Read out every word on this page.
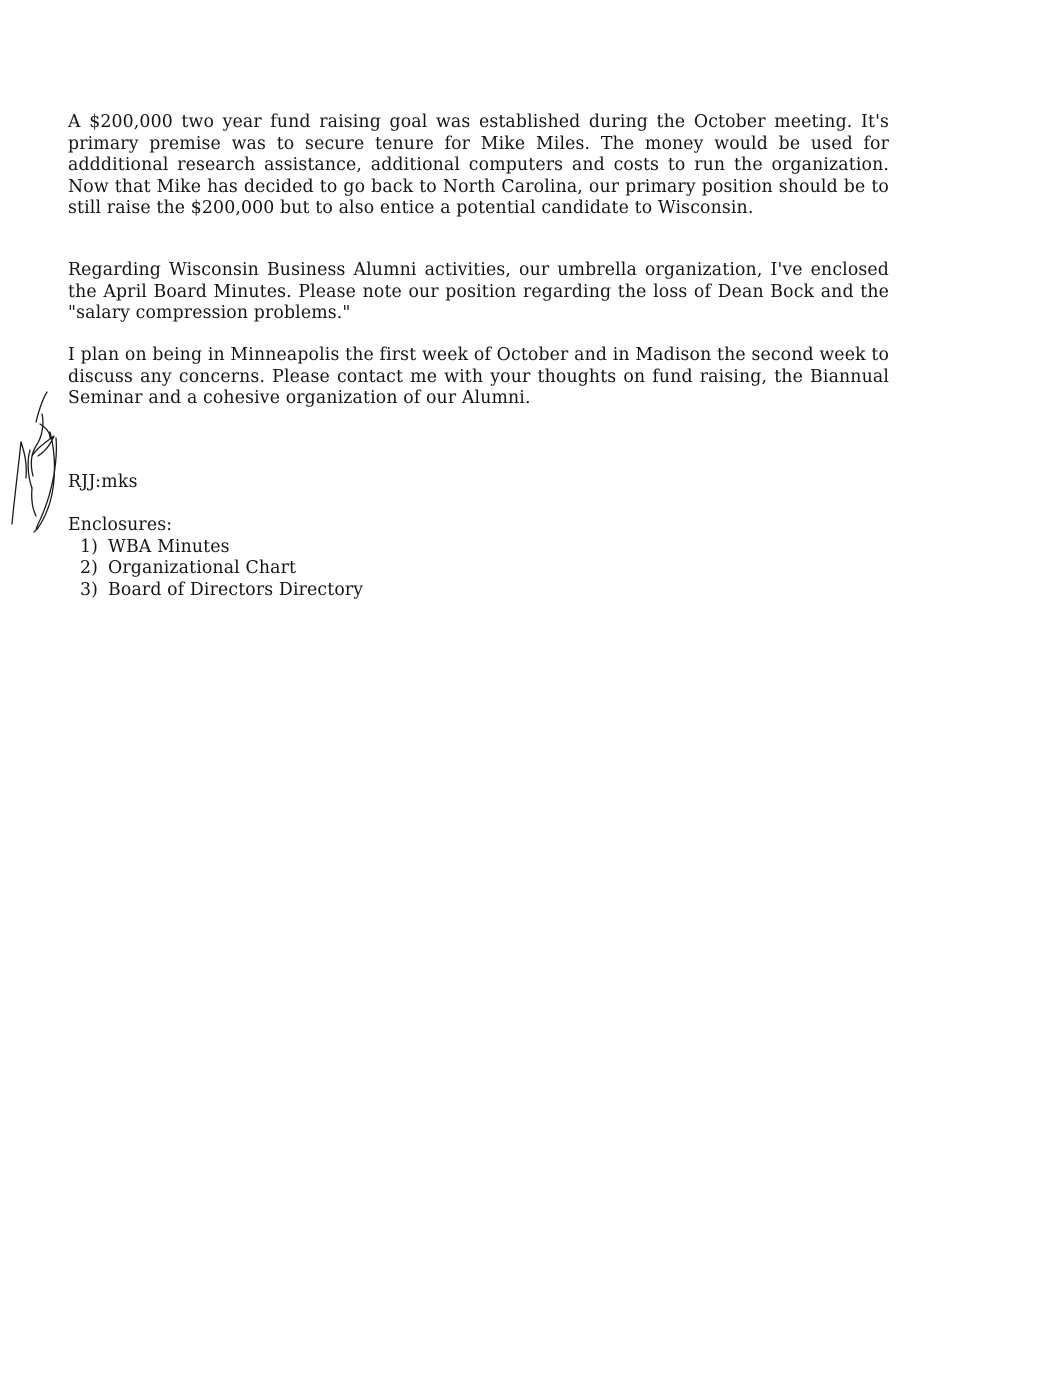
A $200,000 two year fund raising goal was established during the October meeting. It's primary premise was to secure tenure for Mike Miles. The money would be used for addditional research assistance, additional computers and costs to run the organization. Now that Mike has decided to go back to North Carolina, our primary position should be to still raise the $200,000 but to also entice a potential candidate to Wisconsin.

Regarding Wisconsin Business Alumni activities, our umbrella organization, I've enclosed the April Board Minutes. Please note our position regarding the loss of Dean Bock and the "salary compression problems."

I plan on being in Minneapolis the first week of October and in Madison the second week to discuss any concerns. Please contact me with your thoughts on fund raising, the Biannual Seminar and a cohesive organization of our Alumni.

RJJ:mks
Enclosures:
1) WBA Minutes
2) Organizational Chart
3) Board of Directors Directory
